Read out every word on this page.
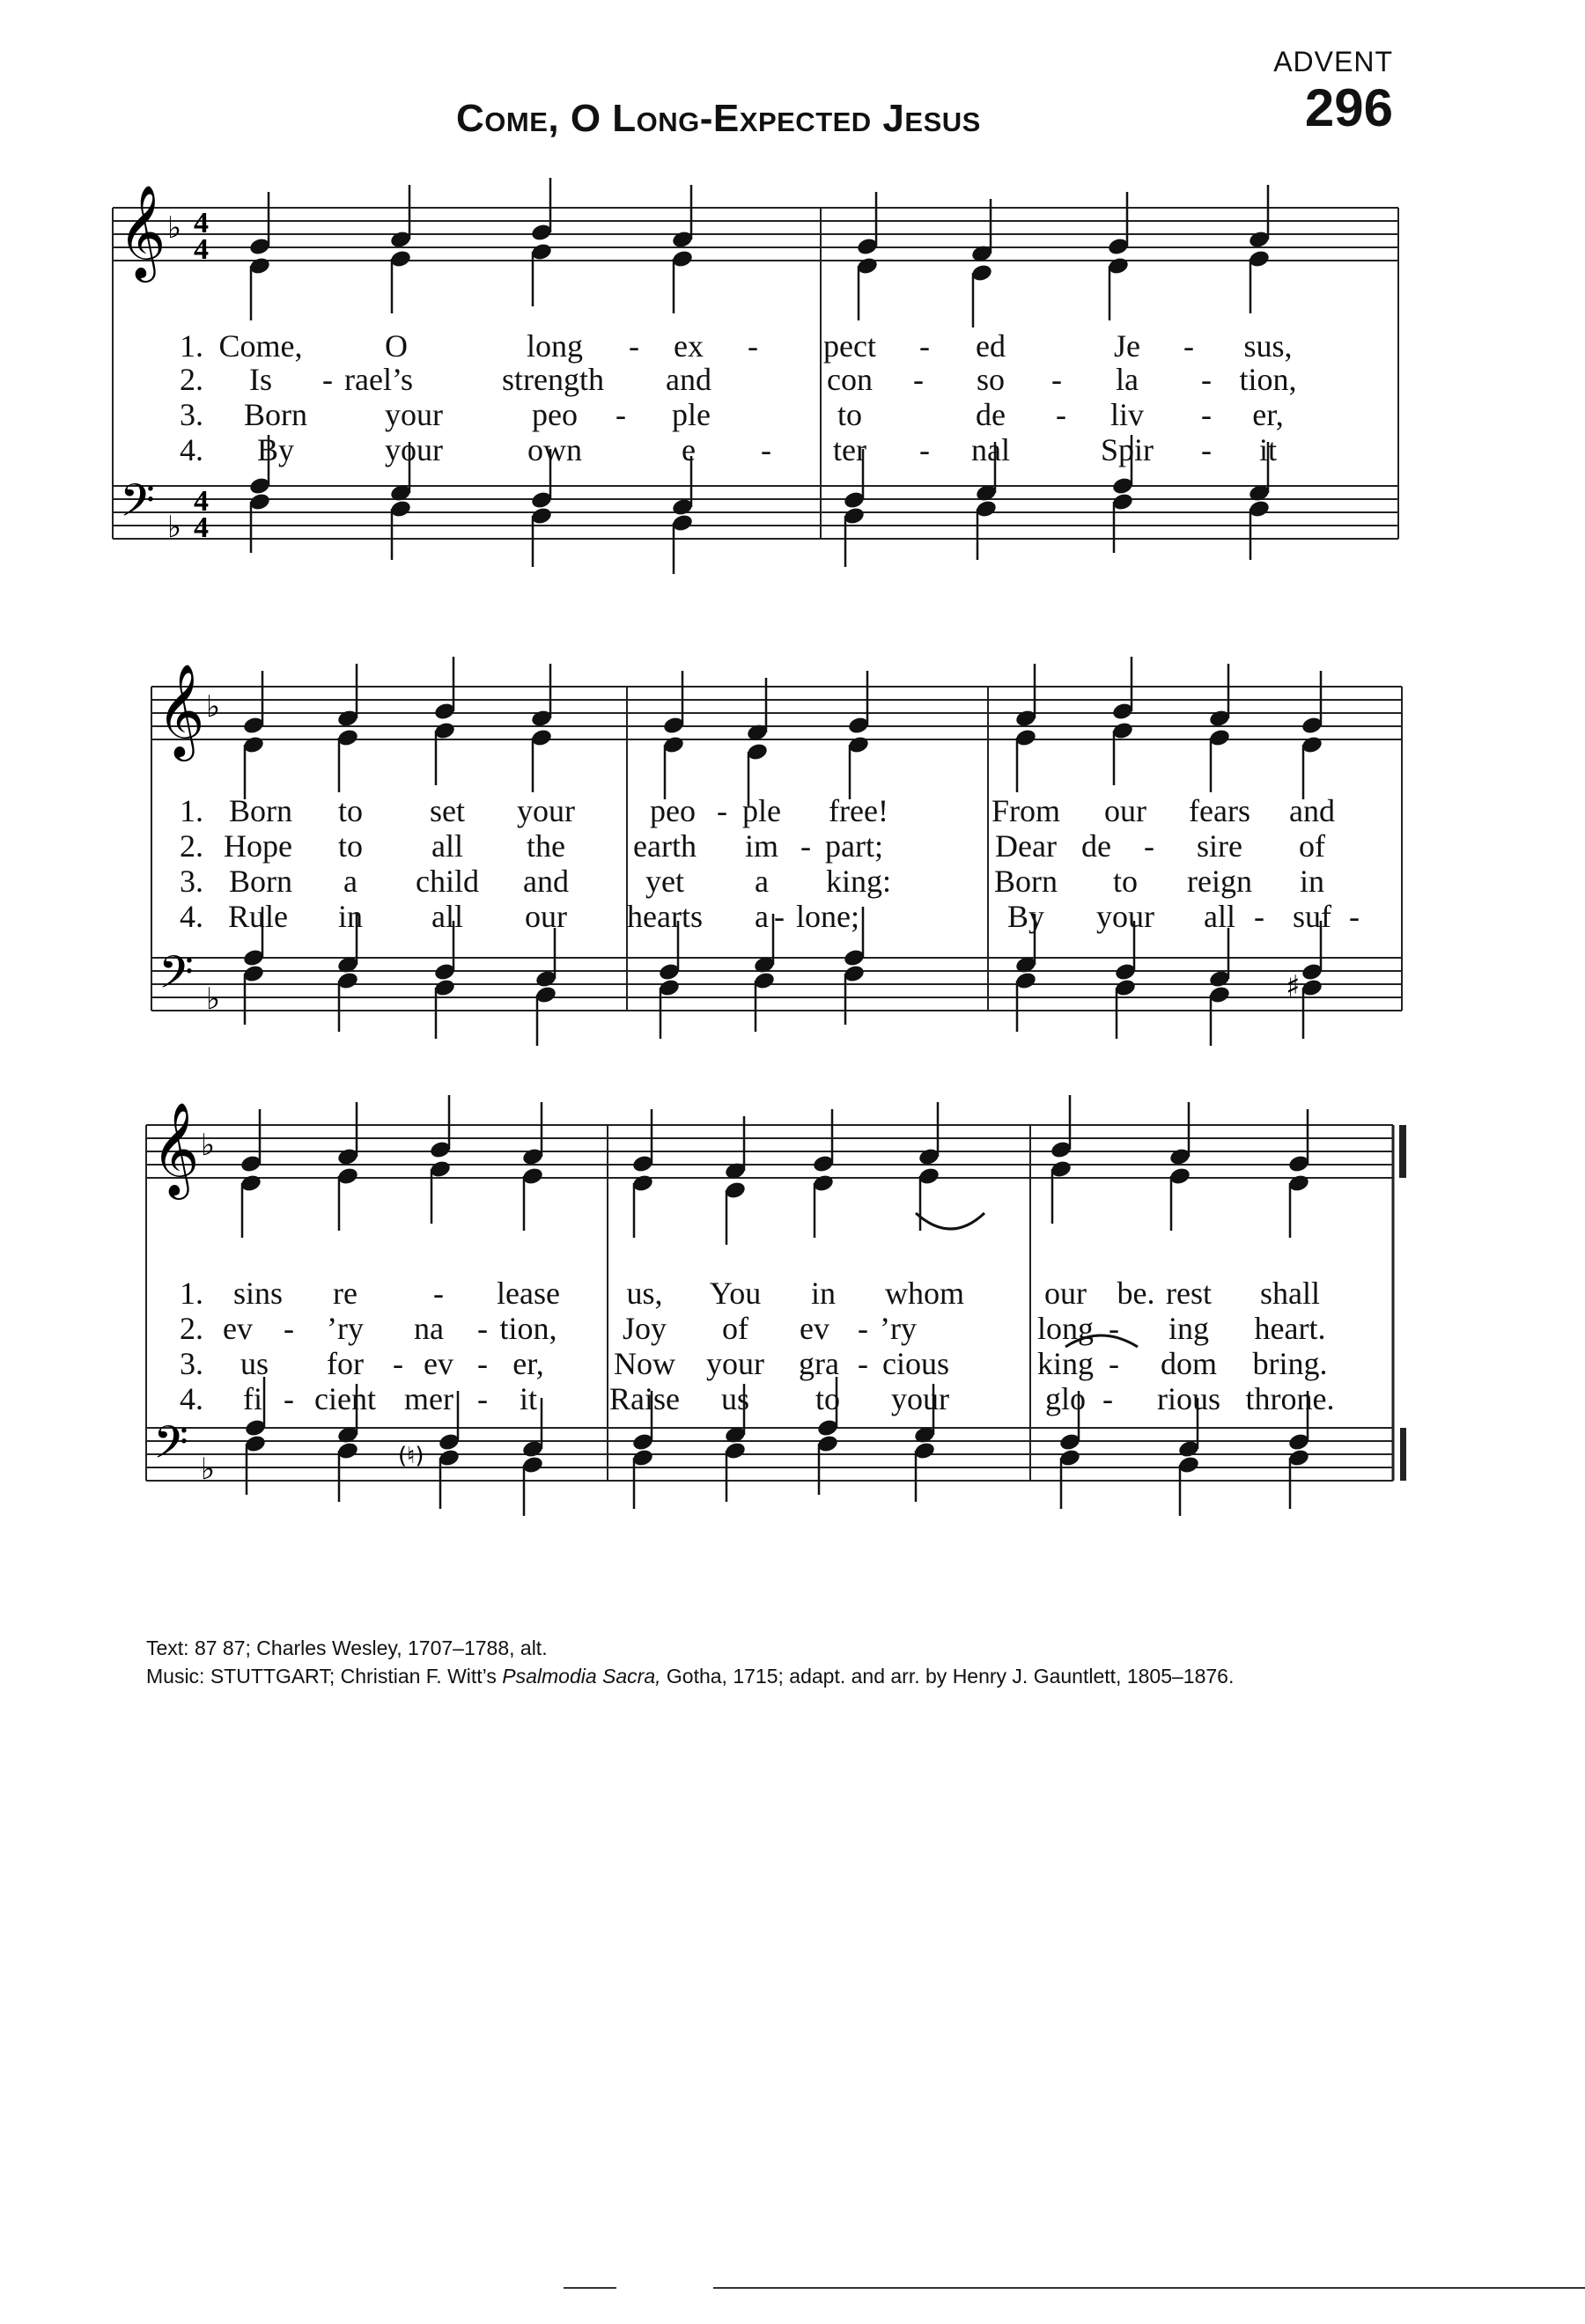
ADVENT
296
Come, O Long-Expected Jesus
𝄞
𝄢
♭
♭
4
4
4
4
1. Come,	O	long - ex - pect - ed	Je - sus,
2. Is - rael’s	strength and	con - so - la - tion,
3. Born your	peo - ple	to	de - liv - er,
4. By	your	own	e - ter - nal	Spir - it
𝄞
𝄢
♭
♭	♯
1. Born to set your peo - ple free!	From our fears and
2. Hope to all the earth im - part;	Dear de - sire of
3. Born a child and yet a king:	Born to reign in
4. Rule in all our hearts a - lone;	By your all - suf -
𝄞
𝄢
♭
♭	(♮)
1. sins re - lease us, You in whom	our	rest shall
be.
2. ev - ’ry na - tion, Joy of ev - ’ry	long - ing heart.
3. us for - ev - er, Now your gra - cious	king - dom bring.
4. fi - cient mer - it Raise us to your	glo - rious throne.
Text: 87 87; Charles Wesley, 1707–1788, alt.
Music: STUTTGART; Christian F. Witt’s Psalmodia Sacra, Gotha, 1715; adapt. and arr. by Henry J. Gauntlett, 1805–1876.
